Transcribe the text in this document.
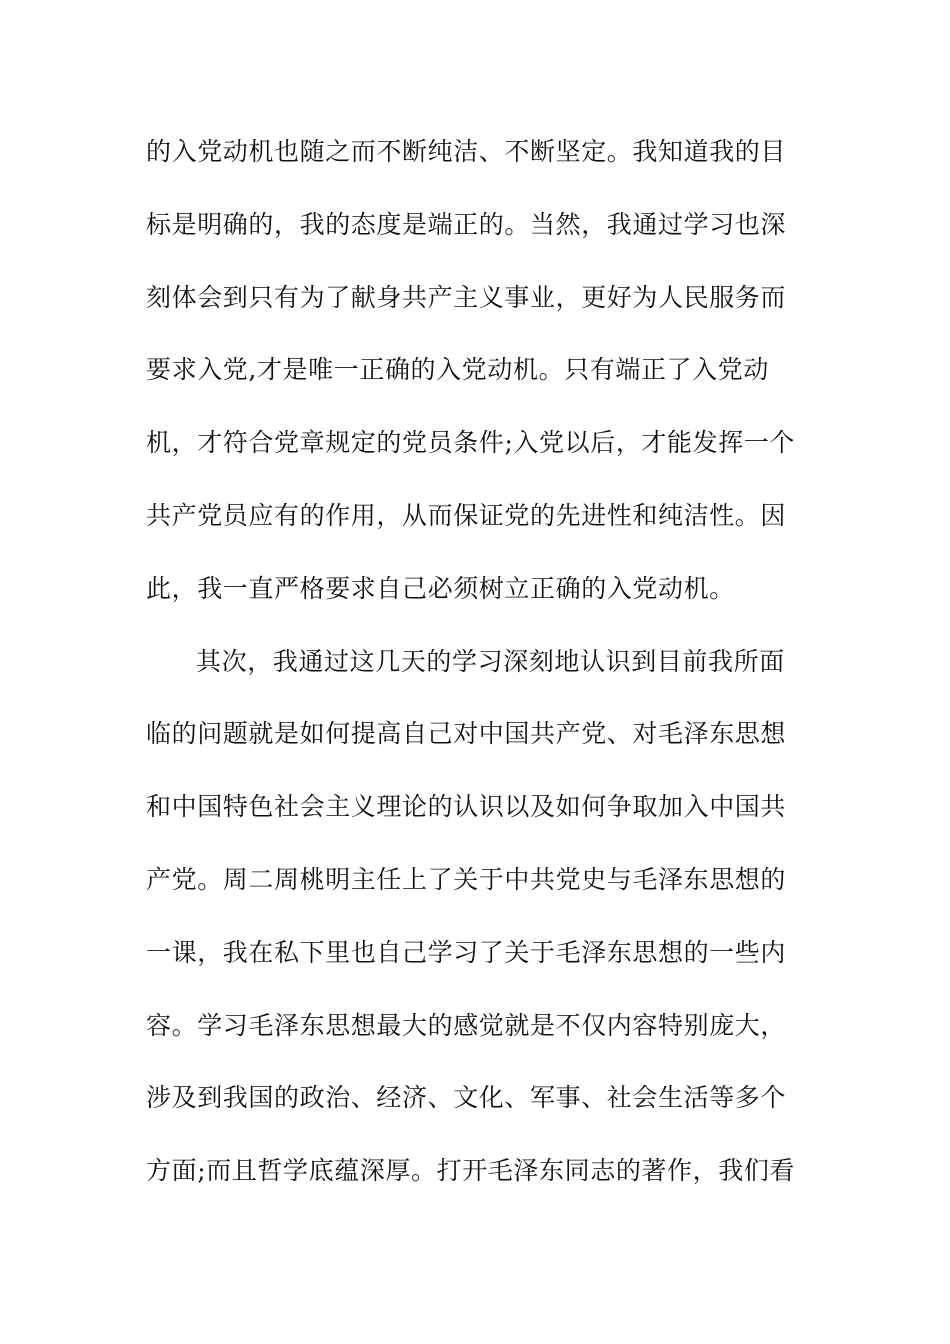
的入党动机也随之而不断纯洁、不断坚定。我知道我的目
标是明确的，我的态度是端正的。当然，我通过学习也深
刻体会到只有为了献身共产主义事业，更好为人民服务而
要求入党,才是唯一正确的入党动机。只有端正了入党动
机，才符合党章规定的党员条件;入党以后，才能发挥一个
共产党员应有的作用，从而保证党的先进性和纯洁性。因
此，我一直严格要求自己必须树立正确的入党动机。
其次，我通过这几天的学习深刻地认识到目前我所面
临的问题就是如何提高自己对中国共产党、对毛泽东思想
和中国特色社会主义理论的认识以及如何争取加入中国共
产党。周二周桃明主任上了关于中共党史与毛泽东思想的
一课，我在私下里也自己学习了关于毛泽东思想的一些内
容。学习毛泽东思想最大的感觉就是不仅内容特别庞大，
涉及到我国的政治、经济、文化、军事、社会生活等多个
方面;而且哲学底蕴深厚。打开毛泽东同志的著作，我们看
